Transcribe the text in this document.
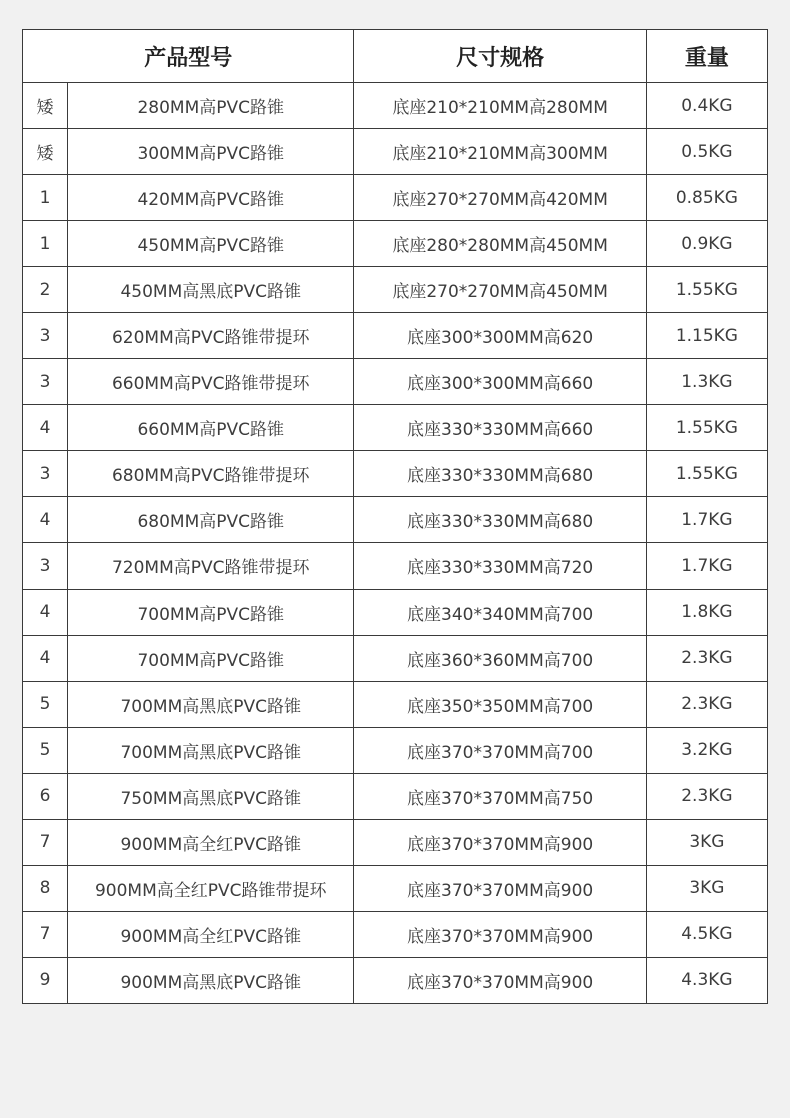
产品型号		尺寸规格	重量
矮	280MM高PVC路锥	底座210*210MM高280MM	0.4KG
矮	300MM高PVC路锥	底座210*210MM高300MM	0.5KG
1	420MM高PVC路锥	底座270*270MM高420MM	0.85KG
1	450MM高PVC路锥	底座280*280MM高450MM	0.9KG
2	450MM高黑底PVC路锥	底座270*270MM高450MM	1.55KG
3	620MM高PVC路锥带提环	底座300*300MM高620	1.15KG
3	660MM高PVC路锥带提环	底座300*300MM高660	1.3KG
4	660MM高PVC路锥	底座330*330MM高660	1.55KG
3	680MM高PVC路锥带提环	底座330*330MM高680	1.55KG
4	680MM高PVC路锥	底座330*330MM高680	1.7KG
3	720MM高PVC路锥带提环	底座330*330MM高720	1.7KG
4	700MM高PVC路锥	底座340*340MM高700	1.8KG
4	700MM高PVC路锥	底座360*360MM高700	2.3KG
5	700MM高黑底PVC路锥	底座350*350MM高700	2.3KG
5	700MM高黑底PVC路锥	底座370*370MM高700	3.2KG
6	750MM高黑底PVC路锥	底座370*370MM高750	2.3KG
7	900MM高全红PVC路锥	底座370*370MM高900	3KG
8	900MM高全红PVC路锥带提环	底座370*370MM高900	3KG
7	900MM高全红PVC路锥	底座370*370MM高900	4.5KG
9	900MM高黑底PVC路锥	底座370*370MM高900	4.3KG
